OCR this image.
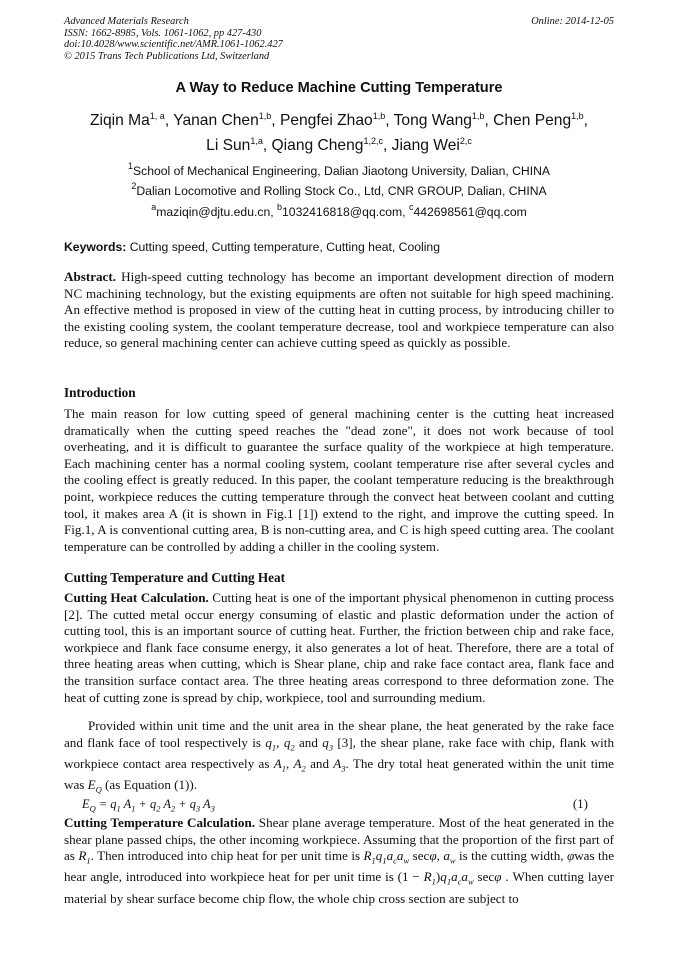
Advanced Materials Research
ISSN: 1662-8985, Vols. 1061-1062, pp 427-430
doi:10.4028/www.scientific.net/AMR.1061-1062.427
© 2015 Trans Tech Publications Ltd, Switzerland
Online: 2014-12-05
A Way to Reduce Machine Cutting Temperature
Ziqin Ma$^{1, a}$, Yanan Chen$^{1,b}$, Pengfei Zhao$^{1,b}$, Tong Wang$^{1,b}$, Chen Peng$^{1,b}$,
Li Sun$^{1,a}$, Qiang Cheng$^{1,2,c}$, Jiang Wei$^{2,c}$
$^1$School of Mechanical Engineering, Dalian Jiaotong University, Dalian, CHINA
$^2$Dalian Locomotive and Rolling Stock Co., Ltd, CNR GROUP, Dalian, CHINA
$^a$maziqin@djtu.edu.cn, $^b$1032416818@qq.com, $^c$442698561@qq.com
Keywords: Cutting speed, Cutting temperature, Cutting heat, Cooling
Abstract. High-speed cutting technology has become an important development direction of modern NC machining technology, but the existing equipments are often not suitable for high speed machining. An effective method is proposed in view of the cutting heat in cutting process, by introducing chiller to the existing cooling system, the coolant temperature decrease, tool and workpiece temperature can also reduce, so general machining center can achieve cutting speed as quickly as possible.
Introduction
The main reason for low cutting speed of general machining center is the cutting heat increased dramatically when the cutting speed reaches the "dead zone", it does not work because of tool overheating, and it is difficult to guarantee the surface quality of the workpiece at high temperature. Each machining center has a normal cooling system, coolant temperature rise after several cycles and the cooling effect is greatly reduced. In this paper, the coolant temperature reducing is the breakthrough point, workpiece reduces the cutting temperature through the convect heat between coolant and cutting tool, it makes area A (it is shown in Fig.1 [1]) extend to the right, and improve the cutting speed. In Fig.1, A is conventional cutting area, B is non-cutting area, and C is high speed cutting area. The coolant temperature can be controlled by adding a chiller in the cooling system.
Cutting Temperature and Cutting Heat
Cutting Heat Calculation. Cutting heat is one of the important physical phenomenon in cutting process [2]. The cutted metal occur energy consuming of elastic and plastic deformation under the action of cutting tool, this is an important source of cutting heat. Further, the friction between chip and rake face, workpiece and flank face consume energy, it also generates a lot of heat. Therefore, there are a total of three heating areas when cutting, which is Shear plane, chip and rake face contact area, flank face and the transition surface contact area. The three heating areas correspond to three deformation zone. The heat of cutting zone is spread by chip, workpiece, tool and surrounding medium.
Provided within unit time and the unit area in the shear plane, the heat generated by the rake face and flank face of tool respectively is $q_1$, $q_2$ and $q_3$ [3], the shear plane, rake face with chip, flank with workpiece contact area respectively as $A_1$, $A_2$ and $A_3$. The dry total heat generated within the unit time was $E_Q$ (as Equation (1)).
$E_Q = q_1$ $A_1 + q_2$ $A_2 + q_3$ $A_3$	(1)
Cutting Temperature Calculation. Shear plane average temperature. Most of the heat generated in the shear plane passed chips, the other incoming workpiece. Assuming that the proportion of the first part of as $R_1$. Then introduced into chip heat for per unit time is $R_1q_1a_ca_w$ secφ, $a_w$ is the cutting width, φwas the hear angle, introduced into workpiece heat for per unit time is $(1 - R_1)q_1a_ca_w$ secφ . When cutting layer material by shear surface become chip flow, the whole chip cross section are subject to
